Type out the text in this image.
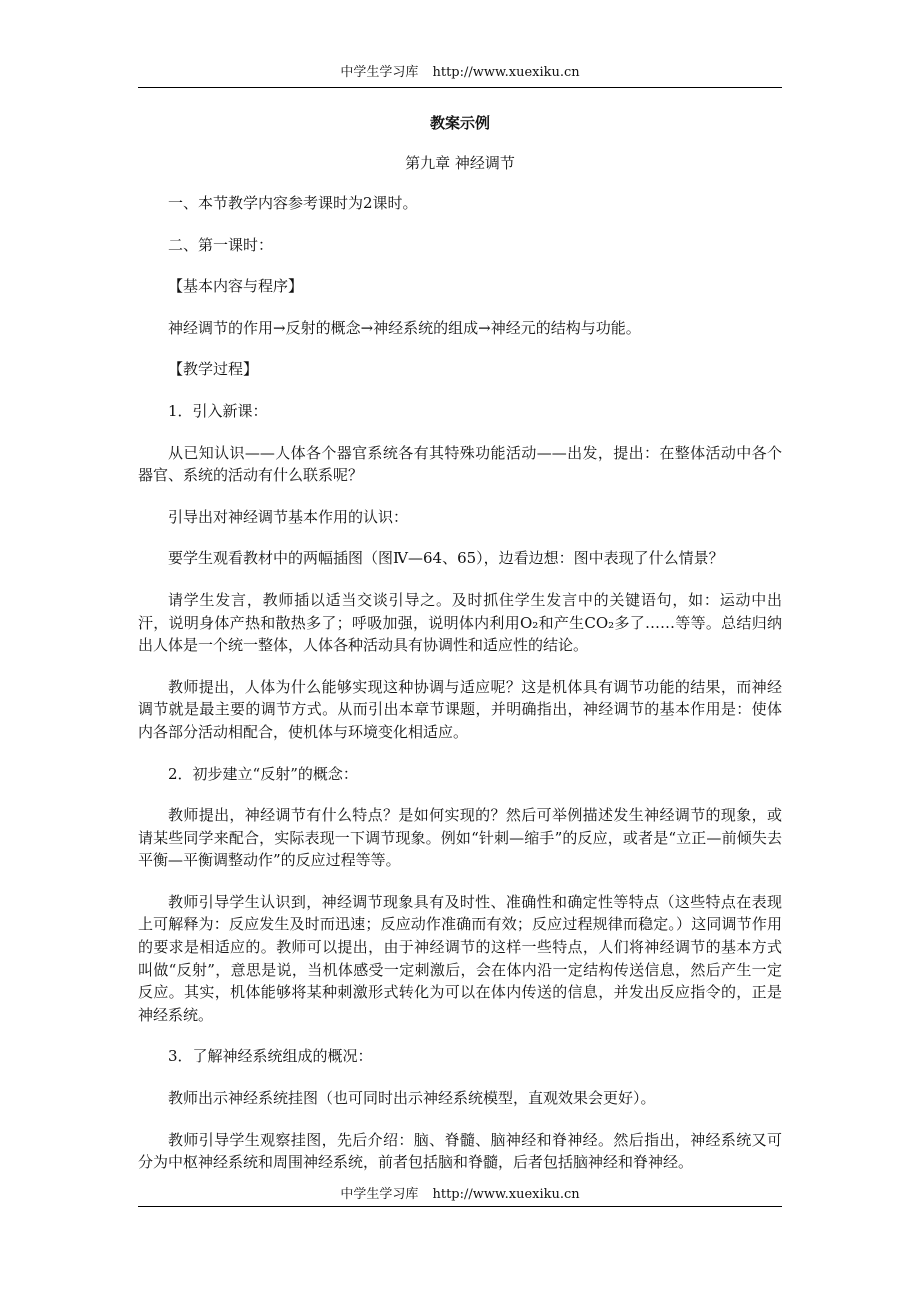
中学生学习库 http://www.xuexiku.cn
教案示例
第九章 神经调节
一、本节教学内容参考课时为2课时。
二、第一课时：
【基本内容与程序】
神经调节的作用→反射的概念→神经系统的组成→神经元的结构与功能。
【教学过程】
1．引入新课：
从已知认识——人体各个器官系统各有其特殊功能活动——出发，提出：在整体活动中各个器官、系统的活动有什么联系呢？
引导出对神经调节基本作用的认识：
要学生观看教材中的两幅插图（图Ⅳ—64、65），边看边想：图中表现了什么情景？
请学生发言，教师插以适当交谈引导之。及时抓住学生发言中的关键语句，如：运动中出汗，说明身体产热和散热多了；呼吸加强，说明体内利用O₂和产生CO₂多了……等等。总结归纳出人体是一个统一整体，人体各种活动具有协调性和适应性的结论。
教师提出，人体为什么能够实现这种协调与适应呢？这是机体具有调节功能的结果，而神经调节就是最主要的调节方式。从而引出本章节课题，并明确指出，神经调节的基本作用是：使体内各部分活动相配合，使机体与环境变化相适应。
2．初步建立“反射”的概念：
教师提出，神经调节有什么特点？是如何实现的？然后可举例描述发生神经调节的现象，或请某些同学来配合，实际表现一下调节现象。例如“针刺—缩手”的反应，或者是“立正—前倾失去平衡—平衡调整动作”的反应过程等等。
教师引导学生认识到，神经调节现象具有及时性、准确性和确定性等特点（这些特点在表现上可解释为：反应发生及时而迅速；反应动作准确而有效；反应过程规律而稳定。）这同调节作用的要求是相适应的。教师可以提出，由于神经调节的这样一些特点，人们将神经调节的基本方式叫做“反射”，意思是说，当机体感受一定刺激后，会在体内沿一定结构传送信息，然后产生一定反应。其实，机体能够将某种刺激形式转化为可以在体内传送的信息，并发出反应指令的，正是神经系统。
3．了解神经系统组成的概况：
教师出示神经系统挂图（也可同时出示神经系统模型，直观效果会更好）。
教师引导学生观察挂图，先后介绍：脑、脊髓、脑神经和脊神经。然后指出，神经系统又可分为中枢神经系统和周围神经系统，前者包括脑和脊髓，后者包括脑神经和脊神经。
中学生学习库 http://www.xuexiku.cn
